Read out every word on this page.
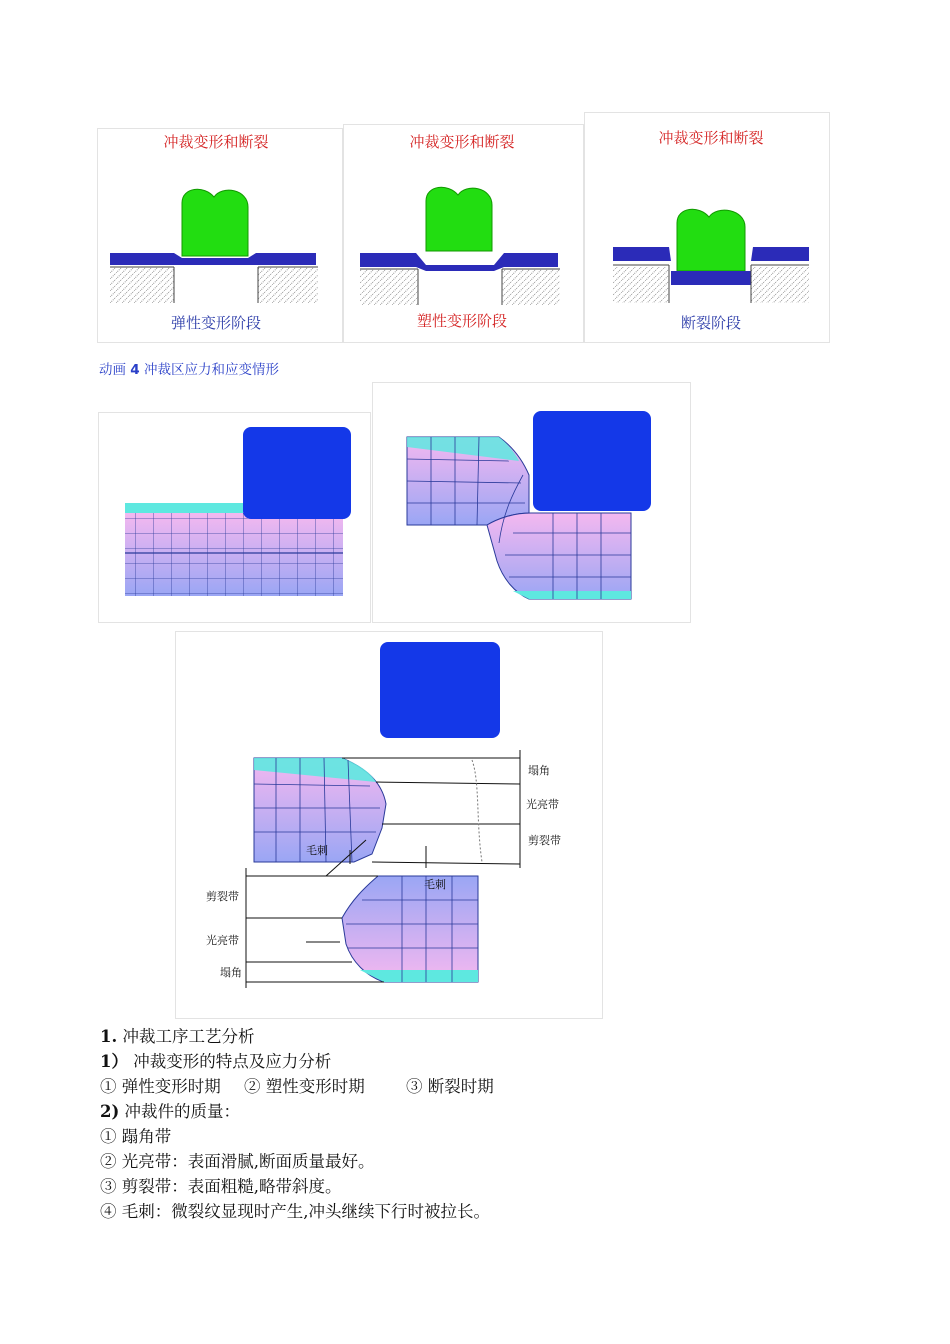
冲裁变形和断裂
弹性变形阶段
冲裁变形和断裂
塑性变形阶段
冲裁变形和断裂
断裂阶段
动画 4 冲裁区应力和应变情形
塌角
光亮带
剪裂带
毛刺
毛刺
剪裂带
光亮带
塌角
1. 冲裁工序工艺分析
1） 冲裁变形的特点及应力分析
① 弹性变形时期 ② 塑性变形时期	③ 断裂时期
2) 冲裁件的质量：
① 蹋角带
② 光亮带：表面滑腻,断面质量最好。
③ 剪裂带：表面粗糙,略带斜度。
④ 毛刺：微裂纹显现时产生,冲头继续下行时被拉长。
